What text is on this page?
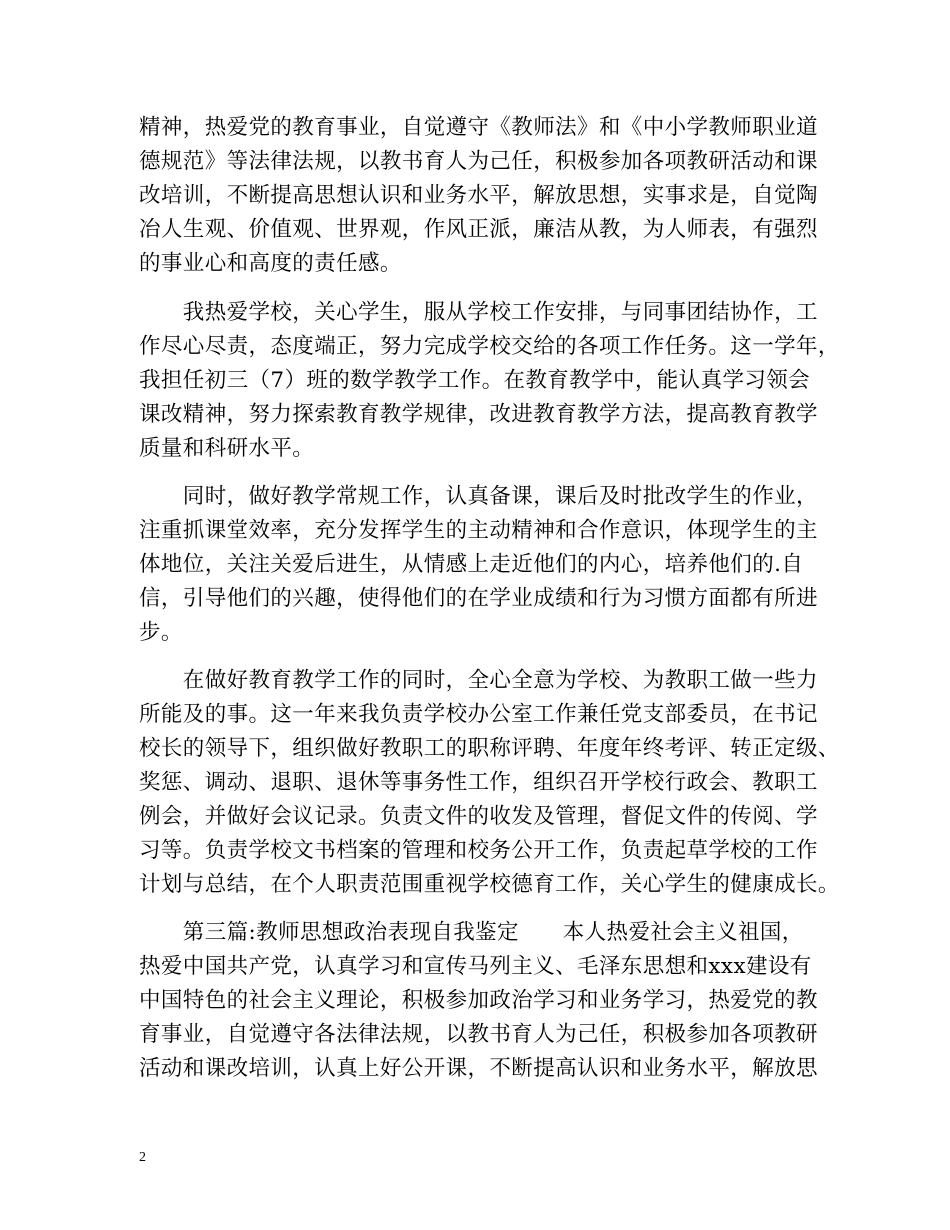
精神，热爱党的教育事业，自觉遵守《教师法》和《中小学教师职业道
德规范》等法律法规，以教书育人为己任，积极参加各项教研活动和课
改培训，不断提高思想认识和业务水平，解放思想，实事求是，自觉陶
冶人生观、价值观、世界观，作风正派，廉洁从教，为人师表，有强烈
的事业心和高度的责任感。
　　我热爱学校，关心学生，服从学校工作安排，与同事团结协作，工
作尽心尽责，态度端正，努力完成学校交给的各项工作任务。这一学年，
我担任初三（7）班的数学教学工作。在教育教学中，能认真学习领会
课改精神，努力探索教育教学规律，改进教育教学方法，提高教育教学
质量和科研水平。
　　同时，做好教学常规工作，认真备课，课后及时批改学生的作业，
注重抓课堂效率，充分发挥学生的主动精神和合作意识，体现学生的主
体地位，关注关爱后进生，从情感上走近他们的内心，培养他们的.自
信，引导他们的兴趣，使得他们的在学业成绩和行为习惯方面都有所进
步。
　　在做好教育教学工作的同时，全心全意为学校、为教职工做一些力
所能及的事。这一年来我负责学校办公室工作兼任党支部委员，在书记
校长的领导下，组织做好教职工的职称评聘、年度年终考评、转正定级、
奖惩、调动、退职、退休等事务性工作，组织召开学校行政会、教职工
例会，并做好会议记录。负责文件的收发及管理，督促文件的传阅、学
习等。负责学校文书档案的管理和校务公开工作，负责起草学校的工作
计划与总结，在个人职责范围重视学校德育工作，关心学生的健康成长。
　　第三篇:教师思想政治表现自我鉴定　　本人热爱社会主义祖国，
热爱中国共产党，认真学习和宣传马列主义、毛泽东思想和xxx建设有
中国特色的社会主义理论，积极参加政治学习和业务学习，热爱党的教
育事业，自觉遵守各法律法规，以教书育人为己任，积极参加各项教研
活动和课改培训，认真上好公开课，不断提高认识和业务水平，解放思
2
